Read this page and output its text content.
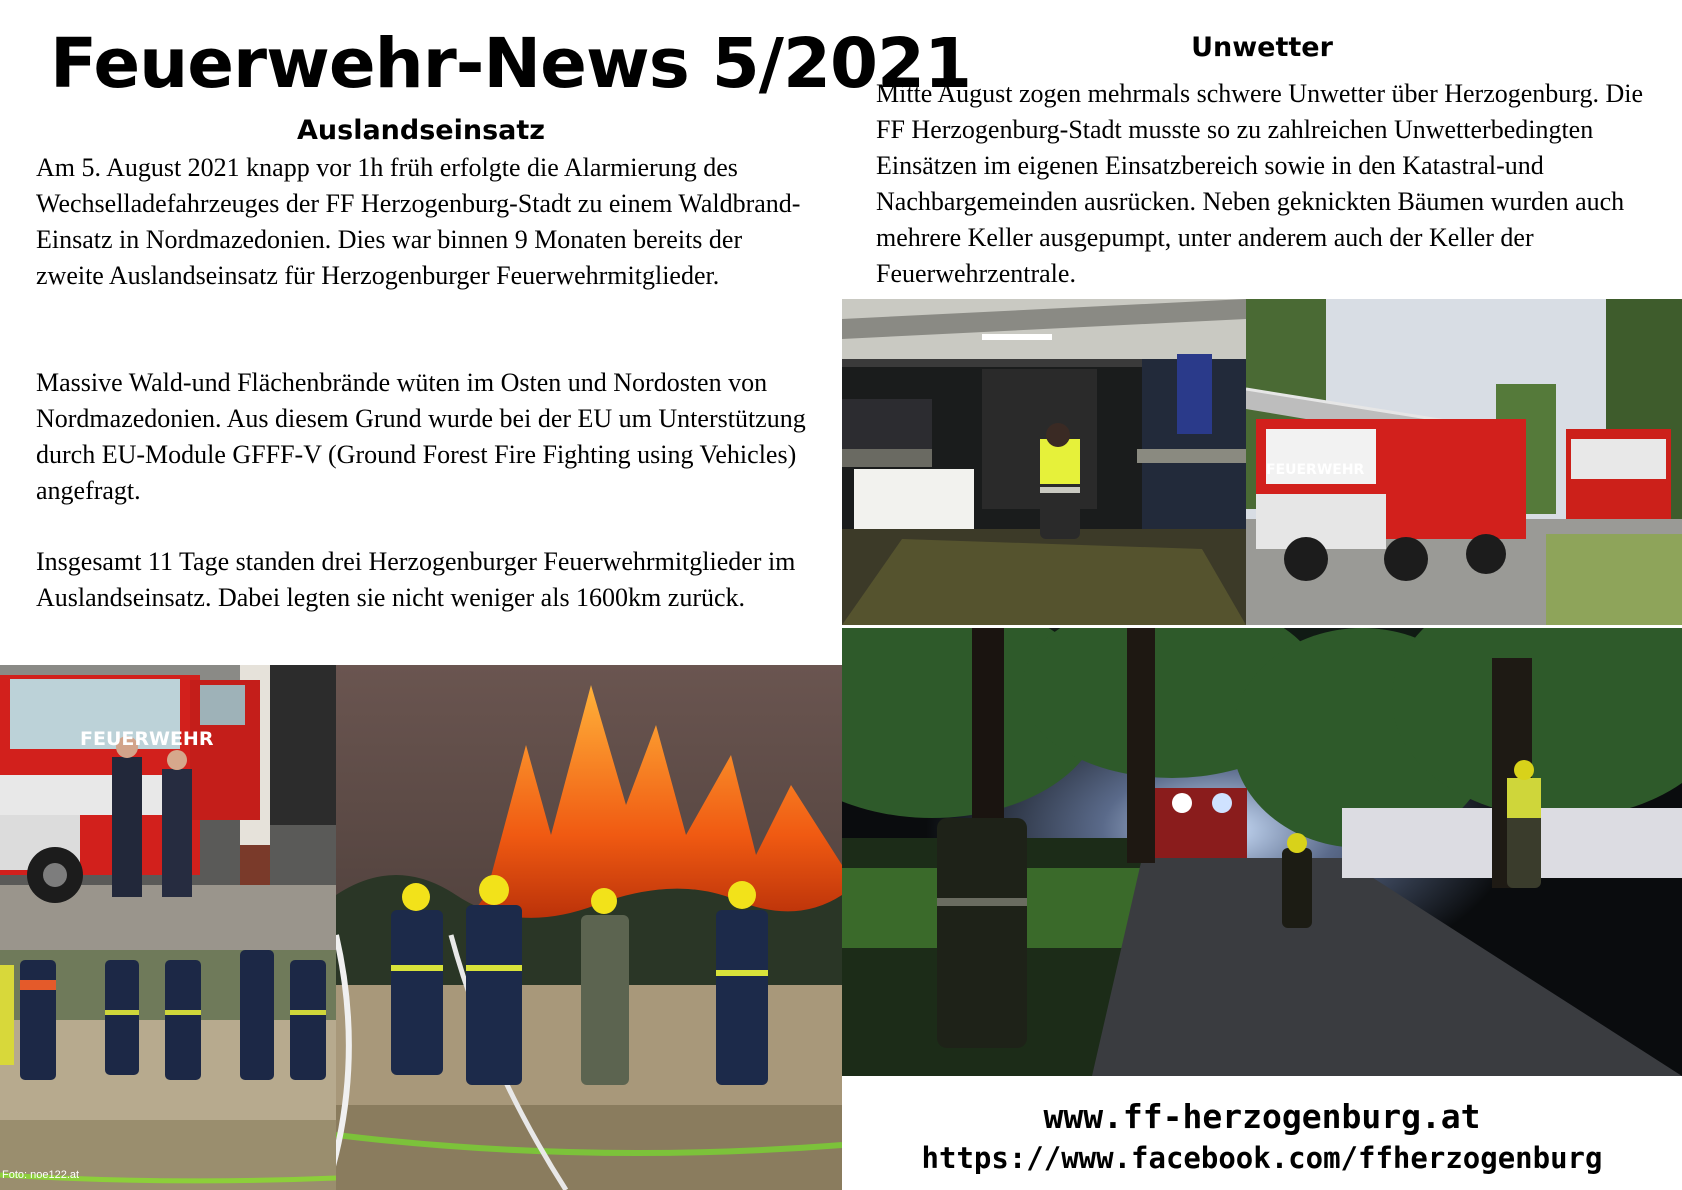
Feuerwehr-News 5/2021
Auslandseinsatz

Am 5. August 2021 knapp vor 1h früh erfolgte die Alarmierung des Wechselladefahrzeuges der FF Herzogenburg-Stadt zu einem Waldbrand-Einsatz in Nordmazedonien. Dies war binnen 9 Monaten bereits der zweite Auslandseinsatz für Herzogenburger Feuerwehrmitglieder.

Massive Wald-und Flächenbrände wüten im Osten und Nordosten von Nordmazedonien. Aus diesem Grund wurde bei der EU um Unterstützung durch EU-Module GFFF-V (Ground Forest Fire Fighting using Vehicles) angefragt.

Insgesamt 11 Tage standen drei Herzogenburger Feuerwehrmitglieder im Auslandseinsatz. Dabei legten sie nicht weniger als 1600km zurück.

Unwetter

Mitte August zogen mehrmals schwere Unwetter über Herzogenburg. Die FF Herzogenburg-Stadt musste so zu zahlreichen Unwetterbedingten Einsätzen im eigenen Einsatzbereich sowie in den Katastral-und Nachbargemeinden ausrücken. Neben geknickten Bäumen wurden auch mehrere Keller ausgepumpt, unter anderem auch der Keller der Feuerwehrzentrale.

FEUERWEHR
Foto: noe122.at
FEUERWEHR
www.ff-herzogenburg.at
https://www.facebook.com/ffherzogenburg
